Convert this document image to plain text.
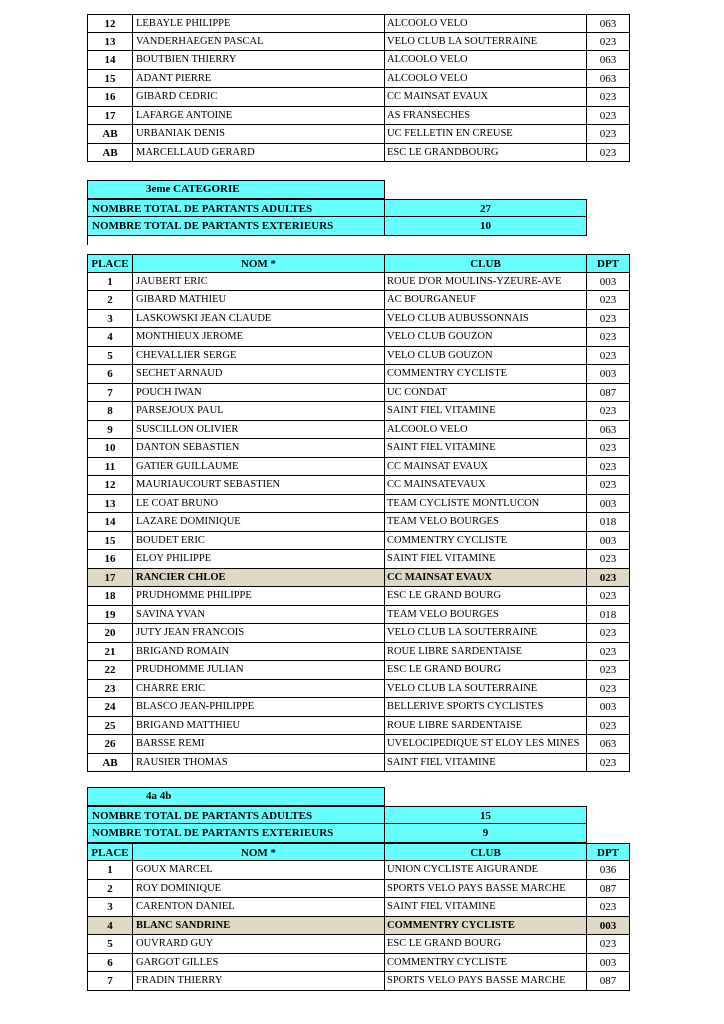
12	LEBAYLE PHILIPPE	ALCOOLO VELO	063
13	VANDERHAEGEN PASCAL	VELO CLUB LA SOUTERRAINE	023
14	BOUTBIEN THIERRY	ALCOOLO VELO	063
15	ADANT PIERRE	ALCOOLO VELO	063
16	GIBARD CEDRIC	CC MAINSAT EVAUX	023
17	LAFARGE ANTOINE	AS FRANSECHES	023
AB	URBANIAK DENIS	UC FELLETIN EN CREUSE	023
AB	MARCELLAUD GERARD	ESC LE GRANDBOURG	023
3eme CATEGORIE
NOMBRE TOTAL DE PARTANTS ADULTES	27
NOMBRE TOTAL DE PARTANTS EXTERIEURS	10
PLACE	NOM *	CLUB	DPT
1	JAUBERT ERIC	ROUE D'OR MOULINS-YZEURE-AVE	003
2	GIBARD MATHIEU	AC BOURGANEUF	023
3	LASKOWSKI JEAN CLAUDE	VELO CLUB AUBUSSONNAIS	023
4	MONTHIEUX JEROME	VELO CLUB GOUZON	023
5	CHEVALLIER SERGE	VELO CLUB GOUZON	023
6	SECHET ARNAUD	COMMENTRY CYCLISTE	003
7	POUCH IWAN	UC CONDAT	087
8	PARSEJOUX PAUL	SAINT FIEL VITAMINE	023
9	SUSCILLON OLIVIER	ALCOOLO VELO	063
10	DANTON SEBASTIEN	SAINT FIEL VITAMINE	023
11	GATIER GUILLAUME	CC MAINSAT EVAUX	023
12	MAURIAUCOURT SEBASTIEN	CC MAINSATEVAUX	023
13	LE COAT BRUNO	TEAM CYCLISTE MONTLUCON	003
14	LAZARE DOMINIQUE	TEAM VELO BOURGES	018
15	BOUDET ERIC	COMMENTRY CYCLISTE	003
16	ELOY PHILIPPE	SAINT FIEL VITAMINE	023
17	RANCIER CHLOE	CC MAINSAT EVAUX	023
18	PRUDHOMME PHILIPPE	ESC LE GRAND BOURG	023
19	SAVINA YVAN	TEAM VELO BOURGES	018
20	JUTY JEAN FRANCOIS	VELO CLUB LA SOUTERRAINE	023
21	BRIGAND ROMAIN	ROUE LIBRE SARDENTAISE	023
22	PRUDHOMME JULIAN	ESC LE GRAND BOURG	023
23	CHARRE ERIC	VELO CLUB LA SOUTERRAINE	023
24	BLASCO JEAN-PHILIPPE	BELLERIVE SPORTS CYCLISTES	003
25	BRIGAND MATTHIEU	ROUE LIBRE SARDENTAISE	023
26	BARSSE REMI	UVELOCIPEDIQUE ST ELOY LES MINES	063
AB	RAUSIER THOMAS	SAINT FIEL VITAMINE	023
4a 4b
NOMBRE TOTAL DE PARTANTS ADULTES	15
NOMBRE TOTAL DE PARTANTS EXTERIEURS	9
PLACE	NOM *	CLUB	DPT
1	GOUX MARCEL	UNION CYCLISTE AIGURANDE	036
2	ROY DOMINIQUE	SPORTS VELO PAYS BASSE MARCHE	087
3	CARENTON DANIEL	SAINT FIEL VITAMINE	023
4	BLANC SANDRINE	COMMENTRY CYCLISTE	003
5	OUVRARD GUY	ESC LE GRAND BOURG	023
6	GARGOT GILLES	COMMENTRY CYCLISTE	003
7	FRADIN THIERRY	SPORTS VELO PAYS BASSE MARCHE	087
